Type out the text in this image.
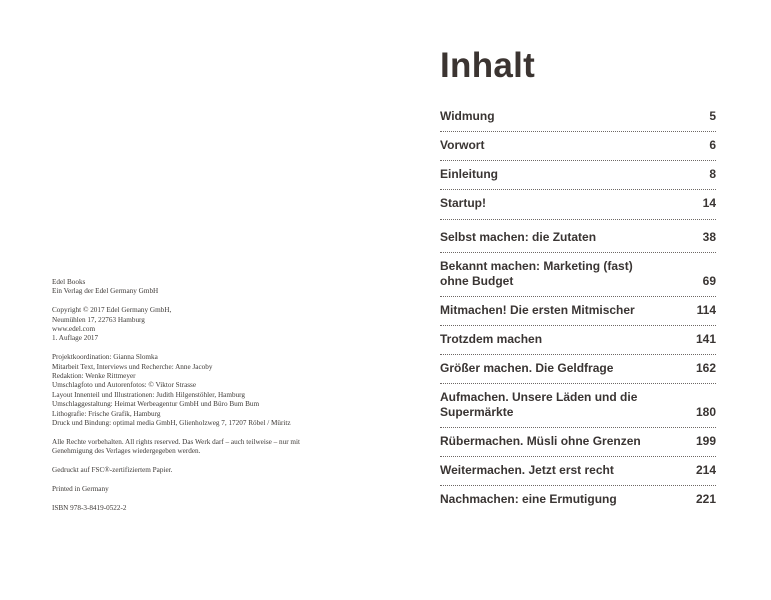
Edel Books
Ein Verlag der Edel Germany GmbH
Copyright © 2017 Edel Germany GmbH,
Neumühlen 17, 22763 Hamburg
www.edel.com
1. Auflage 2017
Projektkoordination: Gianna Slomka
Mitarbeit Text, Interviews und Recherche: Anne Jacoby
Redaktion: Wenke Rittmeyer
Umschlagfoto und Autorenfotos: © Viktor Strasse
Layout Innenteil und Illustrationen: Judith Hilgenstöhler, Hamburg
Umschlaggestaltung: Heimat Werbeagentur GmbH und Büro Bum Bum
Lithografie: Frische Grafik, Hamburg
Druck und Bindung: optimal media GmbH, Glienholzweg 7, 17207 Röbel / Müritz
Alle Rechte vorbehalten. All rights reserved. Das Werk darf – auch teilweise – nur mit
Genehmigung des Verlages wiedergegeben werden.
Gedruckt auf FSC®-zertifiziertem Papier.
Printed in Germany
ISBN 978-3-8419-0522-2
Inhalt
Widmung	5
Vorwort	6
Einleitung	8
Startup!	14
Selbst machen: die Zutaten	38
Bekannt machen: Marketing (fast) ohne Budget	69
Mitmachen! Die ersten Mitmischer	114
Trotzdem machen	141
Größer machen. Die Geldfrage	162
Aufmachen. Unsere Läden und die Supermärkte	180
Rübermachen. Müsli ohne Grenzen	199
Weitermachen. Jetzt erst recht	214
Nachmachen: eine Ermutigung	221
